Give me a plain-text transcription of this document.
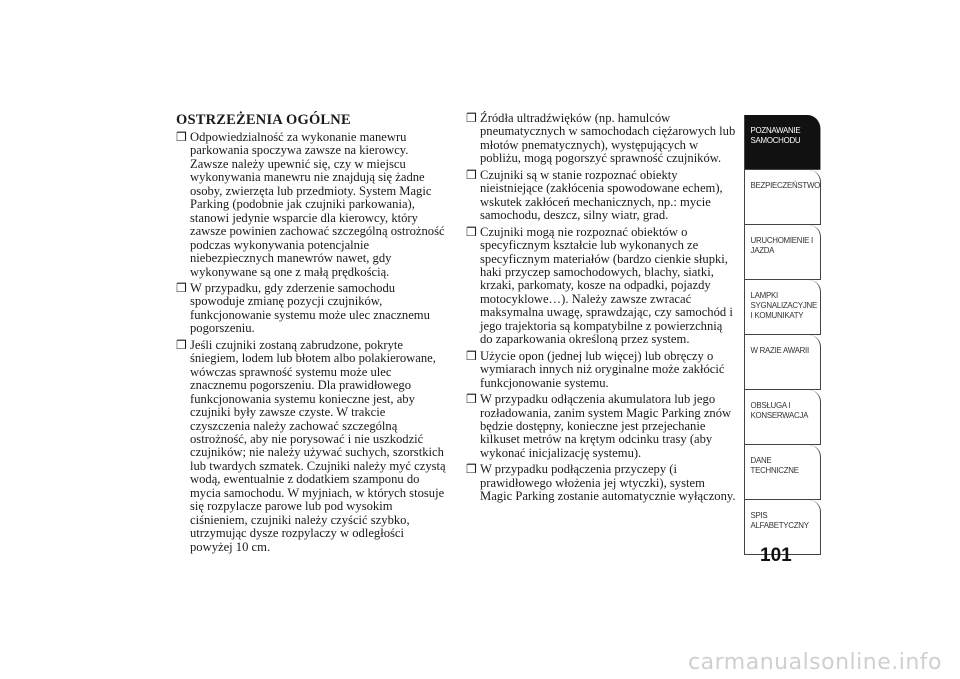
OSTRZEŻENIA OGÓLNE
❒ Odpowiedzialność za wykonanie manewru parkowania spoczywa zawsze na kierowcy. Zawsze należy upewnić się, czy w miejscu wykonywania manewru nie znajdują się żadne osoby, zwierzęta lub przedmioty. System Magic Parking (podobnie jak czujniki parkowania), stanowi jedynie wsparcie dla kierowcy, który zawsze powinien zachować szczególną ostrożność podczas wykonywania potencjalnie niebezpiecznych manewrów nawet, gdy wykonywane są one z małą prędkością.
❒ W przypadku, gdy zderzenie samochodu spowoduje zmianę pozycji czujników, funkcjonowanie systemu może ulec znacznemu pogorszeniu.
❒ Jeśli czujniki zostaną zabrudzone, pokryte śniegiem, lodem lub błotem albo polakierowane, wówczas sprawność systemu może ulec znacznemu pogorszeniu. Dla prawidłowego funkcjonowania systemu konieczne jest, aby czujniki były zawsze czyste. W trakcie czyszczenia należy zachować szczególną ostrożność, aby nie porysować i nie uszkodzić czujników; nie należy używać suchych, szorstkich lub twardych szmatek. Czujniki należy myć czystą wodą, ewentualnie z dodatkiem szamponu do mycia samochodu. W myjniach, w których stosuje się rozpylacze parowe lub pod wysokim ciśnieniem, czujniki należy czyścić szybko, utrzymując dysze rozpylaczy w odległości powyżej 10 cm.
❒ Źródła ultradźwięków (np. hamulców pneumatycznych w samochodach ciężarowych lub młotów pnematycznych), występujących w pobliżu, mogą pogorszyć sprawność czujników.
❒ Czujniki są w stanie rozpoznać obiekty nieistniejące (zakłócenia spowodowane echem), wskutek zakłóceń mechanicznych, np.: mycie samochodu, deszcz, silny wiatr, grad.
❒ Czujniki mogą nie rozpoznać obiektów o specyficznym kształcie lub wykonanych ze specyficznym materiałów (bardzo cienkie słupki, haki przyczep samochodowych, blachy, siatki, krzaki, parkomaty, kosze na odpadki, pojazdy motocyklowe…). Należy zawsze zwracać maksymalna uwagę, sprawdzając, czy samochód i jego trajektoria są kompatybilne z powierzchnią do zaparkowania określoną przez system.
❒ Użycie opon (jednej lub więcej) lub obręczy o wymiarach innych niż oryginalne może zakłócić funkcjonowanie systemu.
❒ W przypadku odłączenia akumulatora lub jego rozładowania, zanim system Magic Parking znów będzie dostępny, konieczne jest przejechanie kilkuset metrów na krętym odcinku trasy (aby wykonać inicjalizację systemu).
❒ W przypadku podłączenia przyczepy (i prawidłowego włożenia jej wtyczki), system Magic Parking zostanie automatycznie wyłączony.
POZNAWANIE
SAMOCHODU
BEZPIECZEŃSTWO
URUCHOMIENIE I
JAZDA
LAMPKI
SYGNALIZACYJNE
I KOMUNIKATY
W RAZIE AWARII
OBSŁUGA I
KONSERWACJA
DANE
TECHNICZNE
SPIS
ALFABETYCZNY
101
carmanualsonline.info
